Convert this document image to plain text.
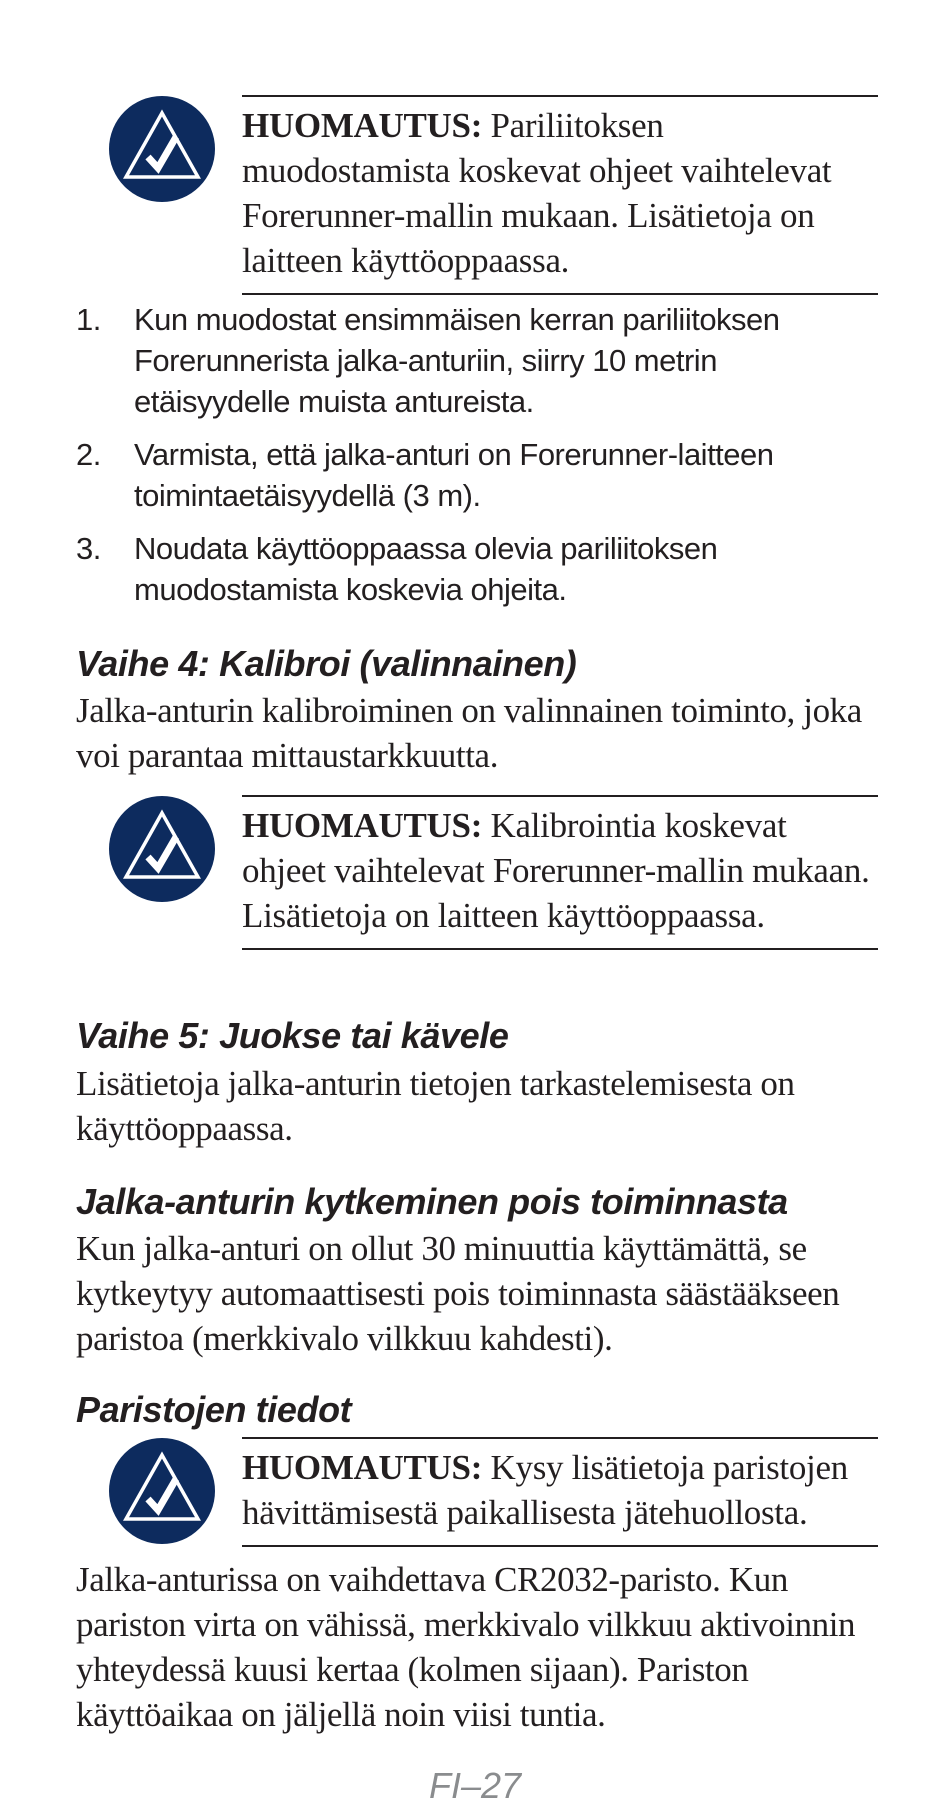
HUOMAUTUS: Pariliitoksen muodostamista koskevat ohjeet vaihtelevat Forerunner-mallin mukaan. Lisätietoja on laitteen käyttöoppaassa.
1. Kun muodostat ensimmäisen kerran pariliitoksen Forerunnerista jalka-anturiin, siirry 10 metrin etäisyydelle muista antureista.
2. Varmista, että jalka-anturi on Forerunner-laitteen toimintaetäisyydellä (3 m).
3. Noudata käyttöoppaassa olevia pariliitoksen muodostamista koskevia ohjeita.
Vaihe 4: Kalibroi (valinnainen)

Jalka-anturin kalibroiminen on valinnainen toiminto, joka voi parantaa mittaustarkkuutta.

HUOMAUTUS: Kalibrointia koskevat ohjeet vaihtelevat Forerunner-mallin mukaan. Lisätietoja on laitteen käyttöoppaassa.
Vaihe 5: Juokse tai kävele

Lisätietoja jalka-anturin tietojen tarkastelemisesta on käyttöoppaassa.

Jalka-anturin kytkeminen pois toiminnasta

Kun jalka-anturi on ollut 30 minuuttia käyttämättä, se kytkeytyy automaattisesti pois toiminnasta säästääkseen paristoa (merkkivalo vilkkuu kahdesti).

Paristojen tiedot
HUOMAUTUS: Kysy lisätietoja paristojen hävittämisestä paikallisesta jätehuollosta.

Jalka-anturissa on vaihdettava CR2032-paristo. Kun pariston virta on vähissä, merkkivalo vilkkuu aktivoinnin yhteydessä kuusi kertaa (kolmen sijaan). Pariston käyttöaikaa on jäljellä noin viisi tuntia.

FI–27
